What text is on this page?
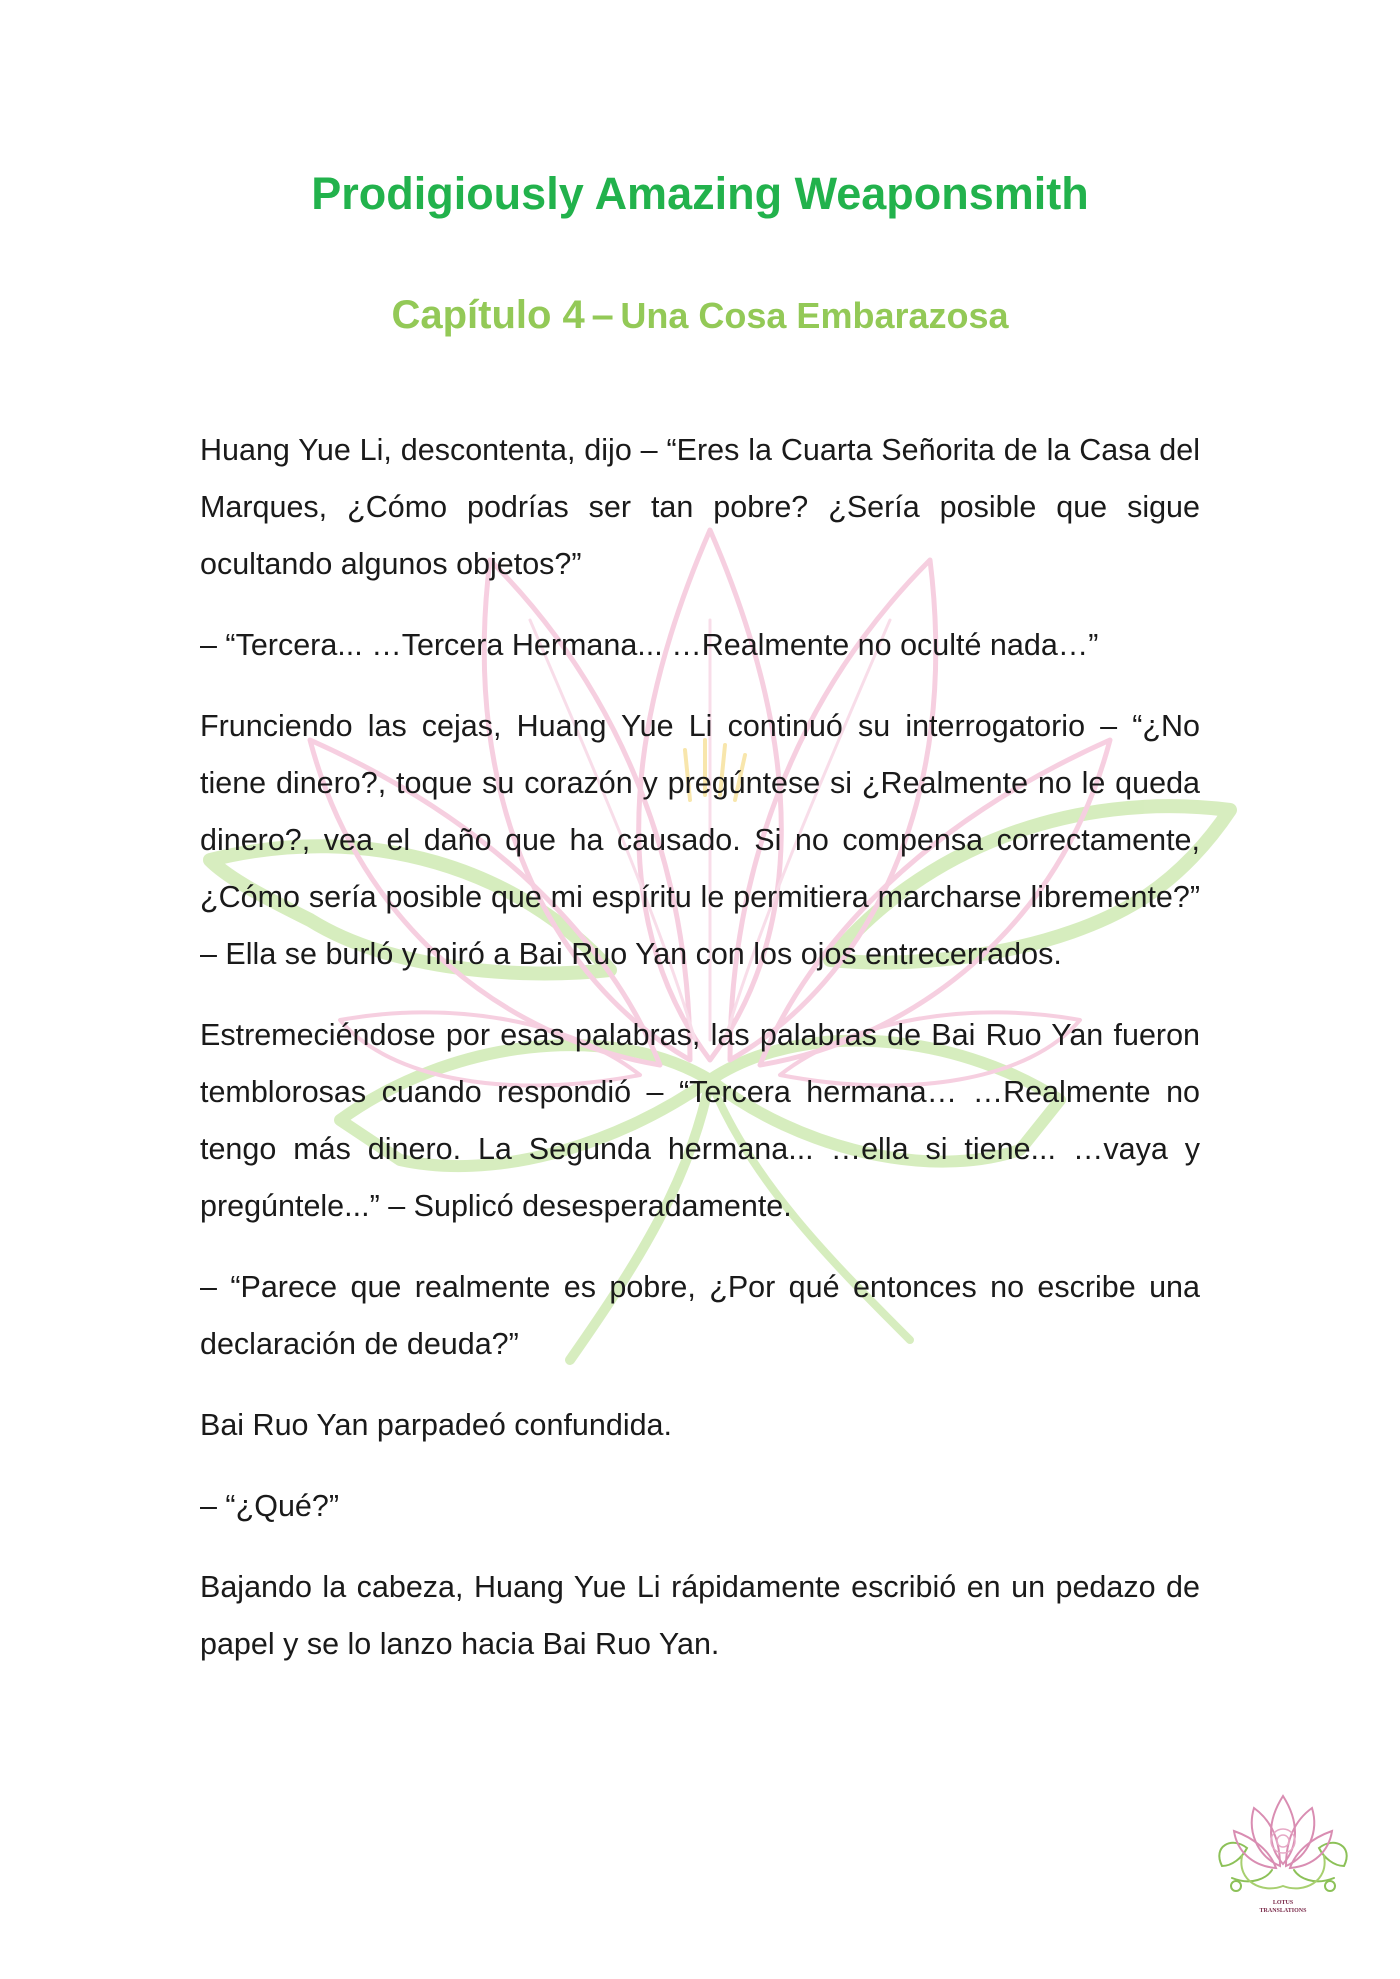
Prodigiously Amazing Weaponsmith
Capítulo 4 – Una Cosa Embarazosa

Huang Yue Li, descontenta, dijo – “Eres la Cuarta Señorita de la Casa del Marques, ¿Cómo podrías ser tan pobre? ¿Sería posible que sigue ocultando algunos objetos?”

– “Tercera... …Tercera Hermana... …Realmente no oculté nada…”

Frunciendo las cejas, Huang Yue Li continuó su interrogatorio – “¿No tiene dinero?, toque su corazón y pregúntese si ¿Realmente no le queda dinero?, vea el daño que ha causado. Si no compensa correctamente, ¿Cómo sería posible que mi espíritu le permitiera marcharse libremente?” – Ella se burló y miró a Bai Ruo Yan con los ojos entrecerrados.

Estremeciéndose por esas palabras, las palabras de Bai Ruo Yan fueron temblorosas cuando respondió – “Tercera hermana… …Realmente no tengo más dinero. La Segunda hermana... …ella si tiene... …vaya y pregúntele...” – Suplicó desesperadamente.

– “Parece que realmente es pobre, ¿Por qué entonces no escribe una declaración de deuda?”

Bai Ruo Yan parpadeó confundida.

– “¿Qué?”

Bajando la cabeza, Huang Yue Li rápidamente escribió en un pedazo de papel y se lo lanzo hacia Bai Ruo Yan.

LOTUS
TRANSLATIONS
